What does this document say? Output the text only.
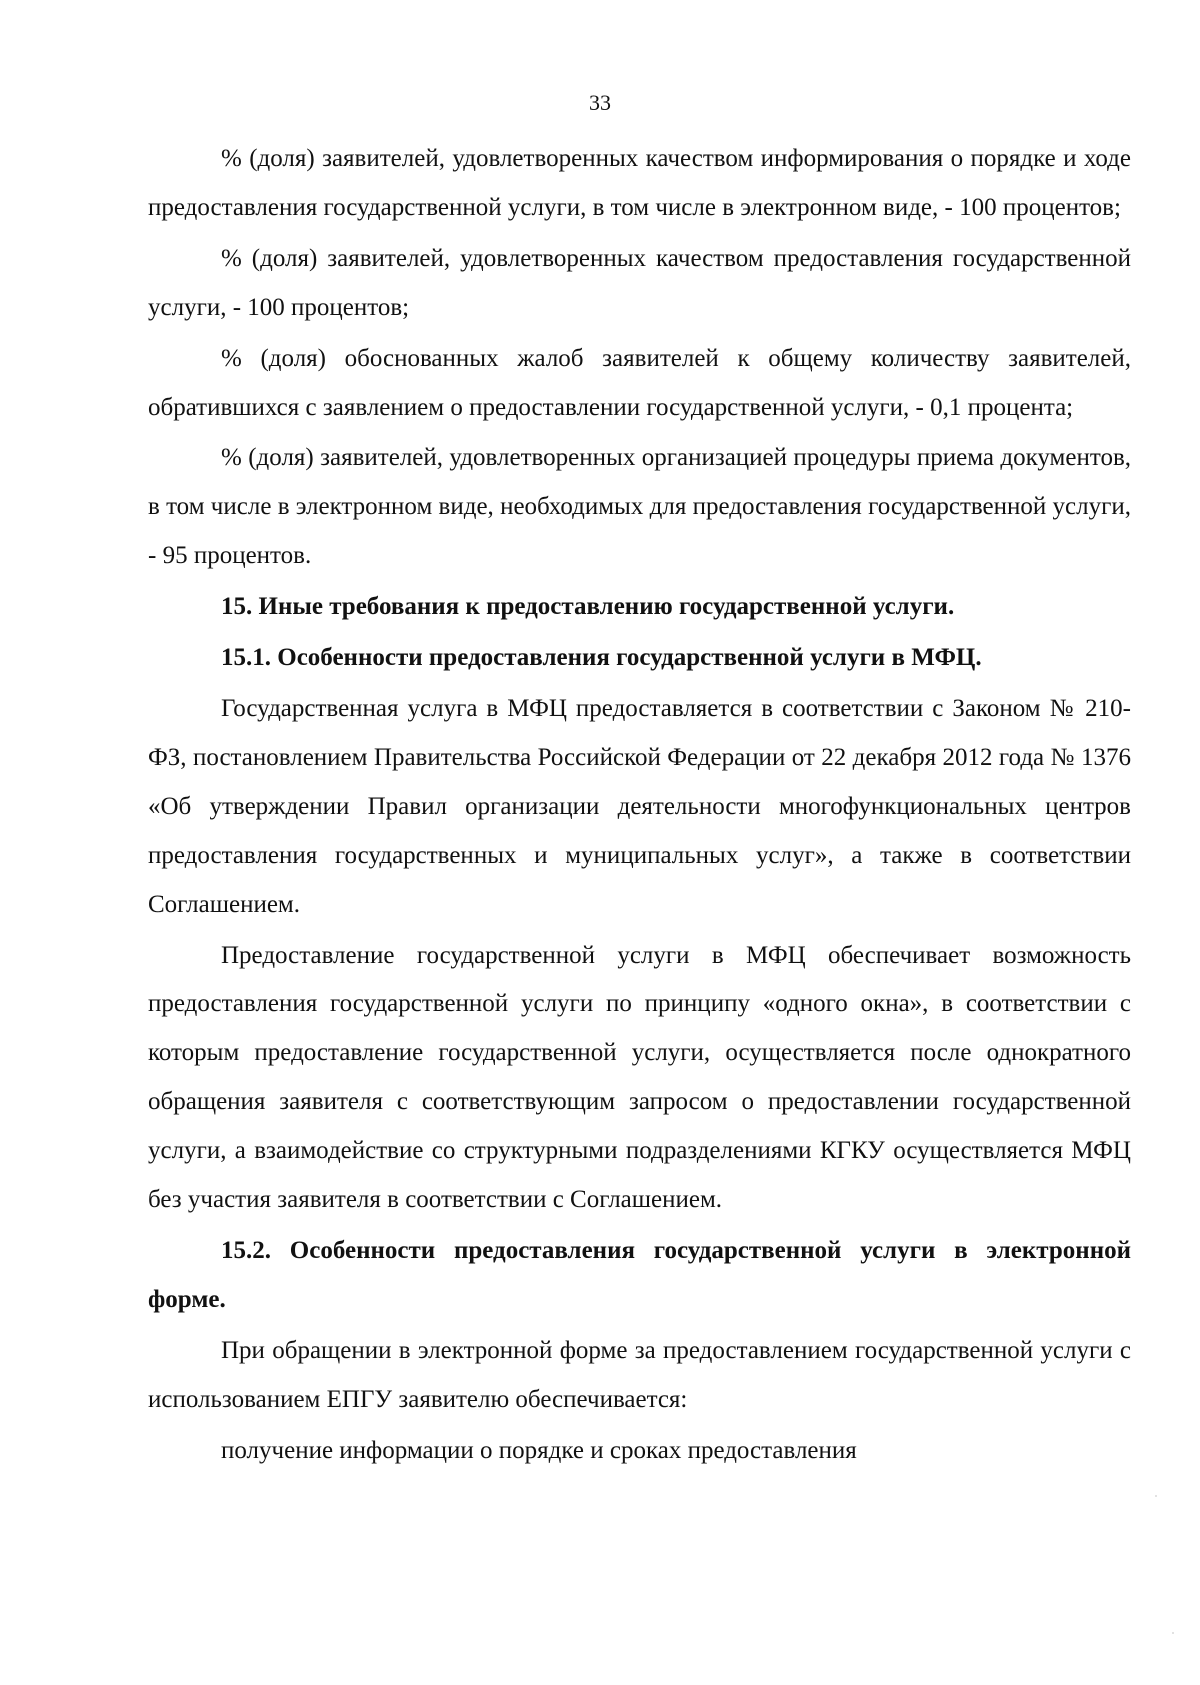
33

% (доля) заявителей, удовлетворенных качеством информирования о порядке и ходе предоставления государственной услуги, в том числе в электронном виде, - 100 процентов;

% (доля) заявителей, удовлетворенных качеством предоставления государственной услуги, - 100 процентов;

% (доля) обоснованных жалоб заявителей к общему количеству заявителей, обратившихся с заявлением о предоставлении государственной услуги, - 0,1 процента;

% (доля) заявителей, удовлетворенных организацией процедуры приема документов, в том числе в электронном виде, необходимых для предоставления государственной услуги, - 95 процентов.

15. Иные требования к предоставлению государственной услуги.

15.1. Особенности предоставления государственной услуги в МФЦ.

Государственная услуга в МФЦ предоставляется в соответствии с Законом № 210-ФЗ, постановлением Правительства Российской Федерации от 22 декабря 2012 года № 1376 «Об утверждении Правил организации деятельности многофункциональных центров предоставления государственных и муниципальных услуг», а также в соответствии Соглашением.

Предоставление государственной услуги в МФЦ обеспечивает возможность предоставления государственной услуги по принципу «одного окна», в соответствии с которым предоставление государственной услуги, осуществляется после однократного обращения заявителя с соответствующим запросом о предоставлении государственной услуги, а взаимодействие со структурными подразделениями КГКУ осуществляется МФЦ без участия заявителя в соответствии с Соглашением.

15.2. Особенности предоставления государственной услуги в электронной форме.

При обращении в электронной форме за предоставлением государственной услуги с использованием ЕПГУ заявителю обеспечивается:

получение информации о порядке и сроках предоставления
